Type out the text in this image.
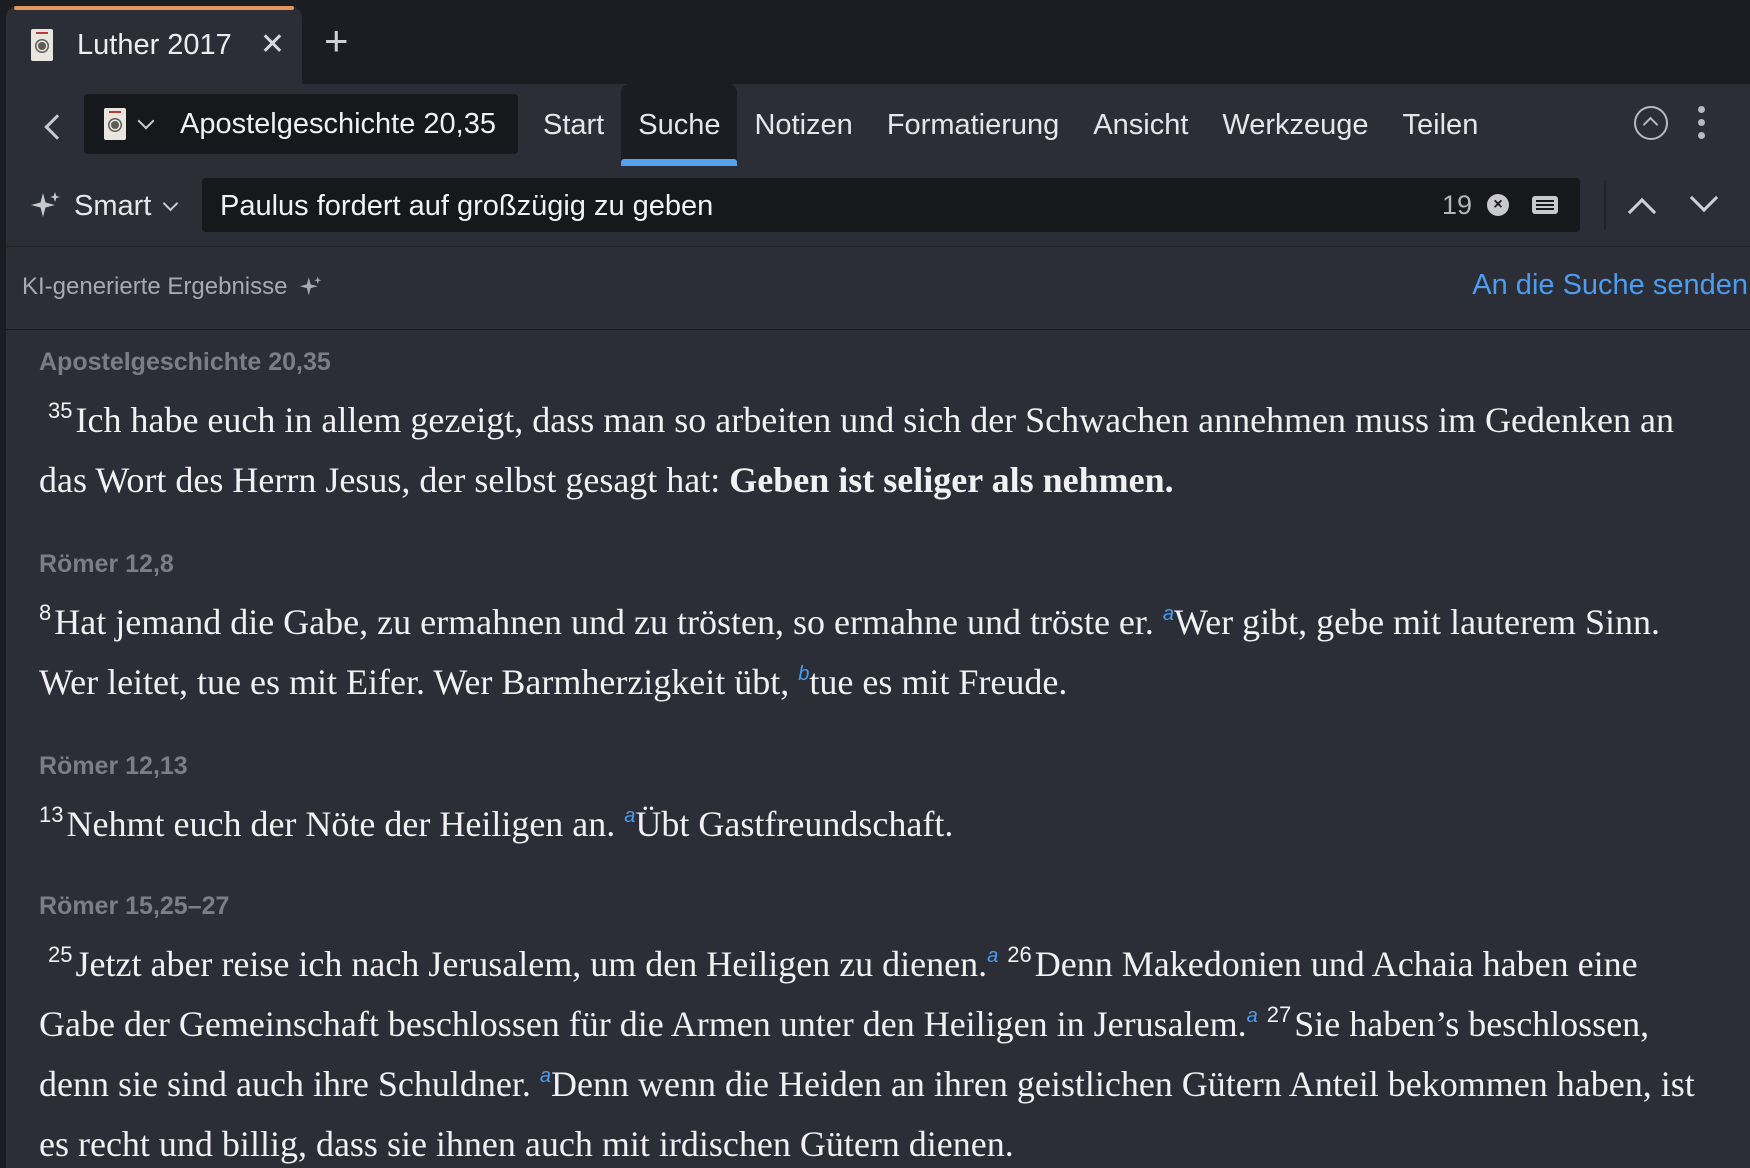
Luther 2017 ✕ +
Apostelgeschichte 20,35	Start	Suche	Notizen	Formatierung	Ansicht	Werkzeuge	Teilen
Smart
Paulus fordert auf großzügig zu geben	19	×
KI-generierte Ergebnisse	An die Suche senden
Apostelgeschichte 20,35
$^{35}$ Ich habe euch in allem gezeigt, dass man so arbeiten und sich der Schwachen annehmen muss im Gedenken an das Wort des Herrn Jesus, der selbst gesagt hat: Geben ist seliger als nehmen.
Römer 12,8
$^8$ Hat jemand die Gabe, zu ermahnen und zu trösten, so ermahne und tröste er. $^a$Wer gibt, gebe mit lauterem Sinn. Wer leitet, tue es mit Eifer. Wer Barmherzigkeit übt, $^b$tue es mit Freude.
Römer 12,13
$^{13}$ Nehmt euch der Nöte der Heiligen an. $^a$Übt Gastfreundschaft.
Römer 15,25–27
$^{25}$ Jetzt aber reise ich nach Jerusalem, um den Heiligen zu dienen.$^a$ $^{26}$ Denn Makedonien und Achaia haben eine Gabe der Gemeinschaft beschlossen für die Armen unter den Heiligen in Jerusalem.$^a$ $^{27}$ Sie haben’s beschlossen, denn sie sind auch ihre Schuldner. $^a$Denn wenn die Heiden an ihren geistlichen Gütern Anteil bekommen haben, ist es recht und billig, dass sie ihnen auch mit irdischen Gütern dienen.
